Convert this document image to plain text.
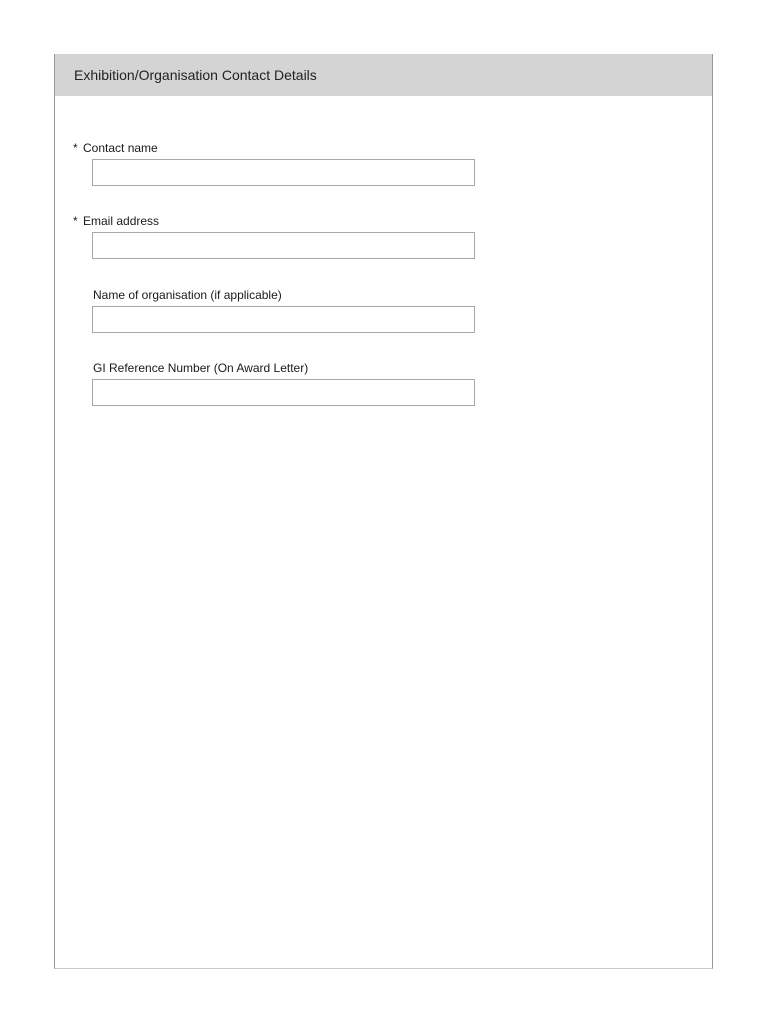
Exhibition/Organisation Contact Details
* Contact name
* Email address
Name of organisation (if applicable)
GI Reference Number (On Award Letter)
